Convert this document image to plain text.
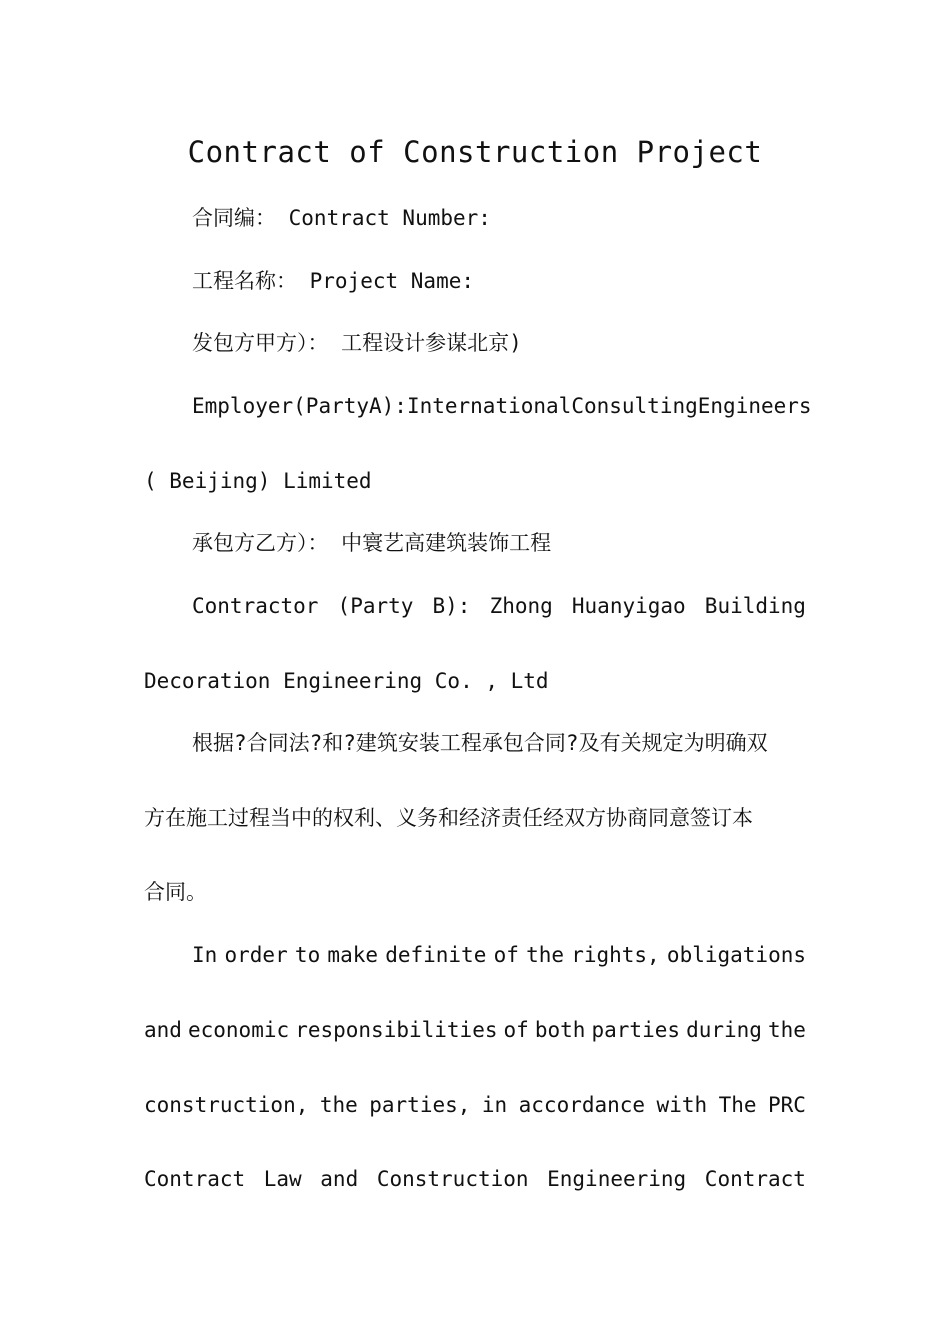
Contract of Construction Project
合同编： Contract Number:
工程名称： Project Name:
发包方甲方）： 工程设计参谋北京)
Employer (Party A): International Consulting Engineers
( Beijing) Limited
承包方乙方）： 中寰艺高建筑装饰工程
Contractor (Party B): Zhong Huanyigao Building
Decoration Engineering Co. , Ltd
根据?合同法?和?建筑安装工程承包合同?及有关规定为明确双
方在施工过程当中的权利、义务和经济责任经双方协商同意签订本
合同。
In order to make definite of the rights, obligations
and economic responsibilities of both parties during the
construction, the parties, in accordance with The PRC
Contract Law and Construction Engineering Contract
